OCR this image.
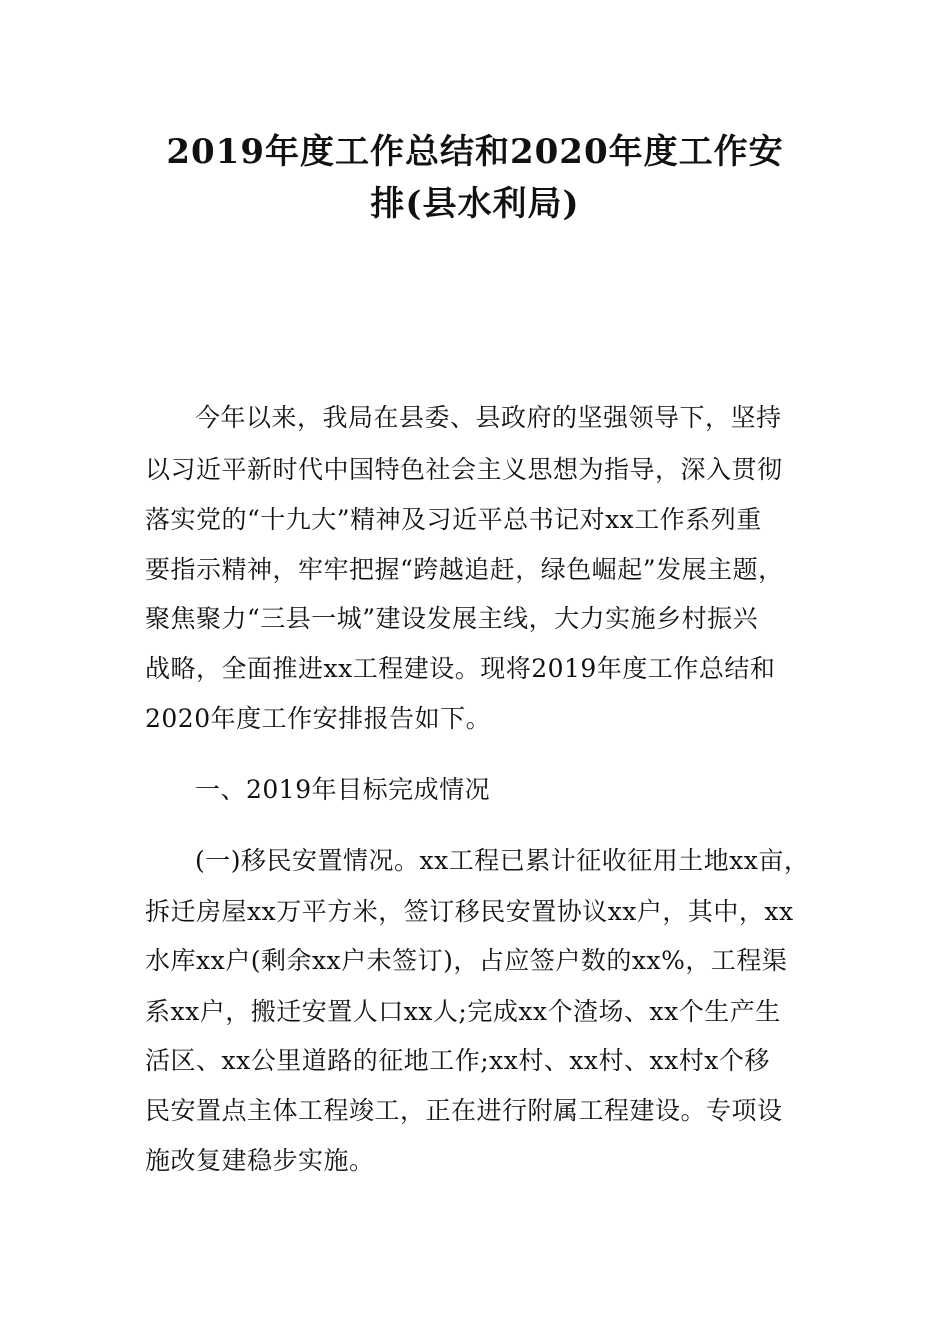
2019年度工作总结和2020年度工作安
排(县水利局)
今年以来，我局在县委、县政府的坚强领导下，坚持
以习近平新时代中国特色社会主义思想为指导，深入贯彻
落实党的“十九大”精神及习近平总书记对xx工作系列重
要指示精神，牢牢把握“跨越追赶，绿色崛起”发展主题，
聚焦聚力“三县一城”建设发展主线，大力实施乡村振兴
战略，全面推进xx工程建设。现将2019年度工作总结和
2020年度工作安排报告如下。
一、2019年目标完成情况
(一)移民安置情况。xx工程已累计征收征用土地xx亩，
拆迁房屋xx万平方米，签订移民安置协议xx户，其中，xx
水库xx户(剩余xx户未签订)，占应签户数的xx%，工程渠
系xx户，搬迁安置人口xx人;完成xx个渣场、xx个生产生
活区、xx公里道路的征地工作;xx村、xx村、xx村x个移
民安置点主体工程竣工，正在进行附属工程建设。专项设
施改复建稳步实施。
